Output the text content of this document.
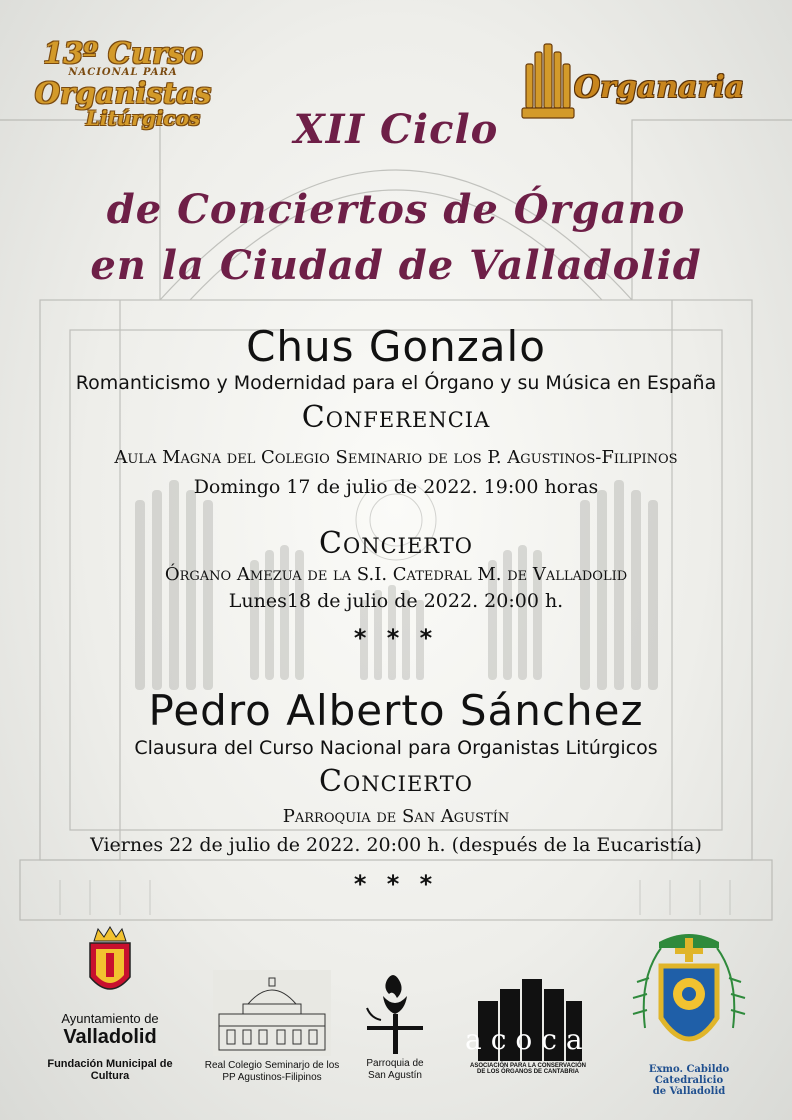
13º Curso
NACIONAL PARA
Organistas
Litúrgicos
Organaria
XII Ciclo
de Conciertos de Órgano
en la Ciudad de Valladolid
Chus Gonzalo
Romanticismo y Modernidad para el Órgano y su Música en España
Conferencia
Aula Magna del Colegio Seminario de los P. Agustinos-Filipinos
Domingo 17 de julio de 2022. 19:00 horas
Concierto
Órgano Amezua de la S.I. Catedral M. de Valladolid
Lunes18 de julio de 2022. 20:00 h.
* * *
Pedro Alberto Sánchez
Clausura del Curso Nacional para Organistas Litúrgicos
Concierto
Parroquia de San Agustín
Viernes 22 de julio de 2022. 20:00 h. (después de la Eucaristía)
* * *
Ayuntamiento de
Valladolid
Fundación Municipal de Cultura
Real Colegio Seminarjo de los
PP Agustinos-Filipinos
Parroquia de
San Agustín
acoca
ASOCIACIÓN PARA LA CONSERVACIÓN
DE LOS ÓRGANOS DE CANTABRIA	Exmo. Cabildo Catedralicio
de Valladolid
